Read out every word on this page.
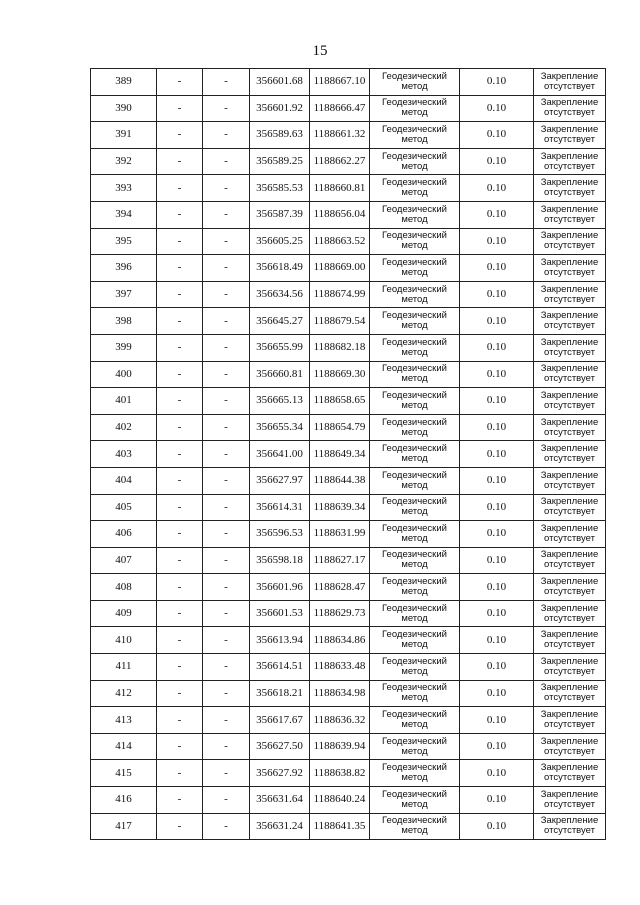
15
389	-	-	356601.68	1188667.10	Геодезический метод	0.10	Закрепление отсутствует
390	-	-	356601.92	1188666.47	Геодезический метод	0.10	Закрепление отсутствует
391	-	-	356589.63	1188661.32	Геодезический метод	0.10	Закрепление отсутствует
392	-	-	356589.25	1188662.27	Геодезический метод	0.10	Закрепление отсутствует
393	-	-	356585.53	1188660.81	Геодезический метод	0.10	Закрепление отсутствует
394	-	-	356587.39	1188656.04	Геодезический метод	0.10	Закрепление отсутствует
395	-	-	356605.25	1188663.52	Геодезический метод	0.10	Закрепление отсутствует
396	-	-	356618.49	1188669.00	Геодезический метод	0.10	Закрепление отсутствует
397	-	-	356634.56	1188674.99	Геодезический метод	0.10	Закрепление отсутствует
398	-	-	356645.27	1188679.54	Геодезический метод	0.10	Закрепление отсутствует
399	-	-	356655.99	1188682.18	Геодезический метод	0.10	Закрепление отсутствует
400	-	-	356660.81	1188669.30	Геодезический метод	0.10	Закрепление отсутствует
401	-	-	356665.13	1188658.65	Геодезический метод	0.10	Закрепление отсутствует
402	-	-	356655.34	1188654.79	Геодезический метод	0.10	Закрепление отсутствует
403	-	-	356641.00	1188649.34	Геодезический метод	0.10	Закрепление отсутствует
404	-	-	356627.97	1188644.38	Геодезический метод	0.10	Закрепление отсутствует
405	-	-	356614.31	1188639.34	Геодезический метод	0.10	Закрепление отсутствует
406	-	-	356596.53	1188631.99	Геодезический метод	0.10	Закрепление отсутствует
407	-	-	356598.18	1188627.17	Геодезический метод	0.10	Закрепление отсутствует
408	-	-	356601.96	1188628.47	Геодезический метод	0.10	Закрепление отсутствует
409	-	-	356601.53	1188629.73	Геодезический метод	0.10	Закрепление отсутствует
410	-	-	356613.94	1188634.86	Геодезический метод	0.10	Закрепление отсутствует
411	-	-	356614.51	1188633.48	Геодезический метод	0.10	Закрепление отсутствует
412	-	-	356618.21	1188634.98	Геодезический метод	0.10	Закрепление отсутствует
413	-	-	356617.67	1188636.32	Геодезический метод	0.10	Закрепление отсутствует
414	-	-	356627.50	1188639.94	Геодезический метод	0.10	Закрепление отсутствует
415	-	-	356627.92	1188638.82	Геодезический метод	0.10	Закрепление отсутствует
416	-	-	356631.64	1188640.24	Геодезический метод	0.10	Закрепление отсутствует
417	-	-	356631.24	1188641.35	Геодезический метод	0.10	Закрепление отсутствует
